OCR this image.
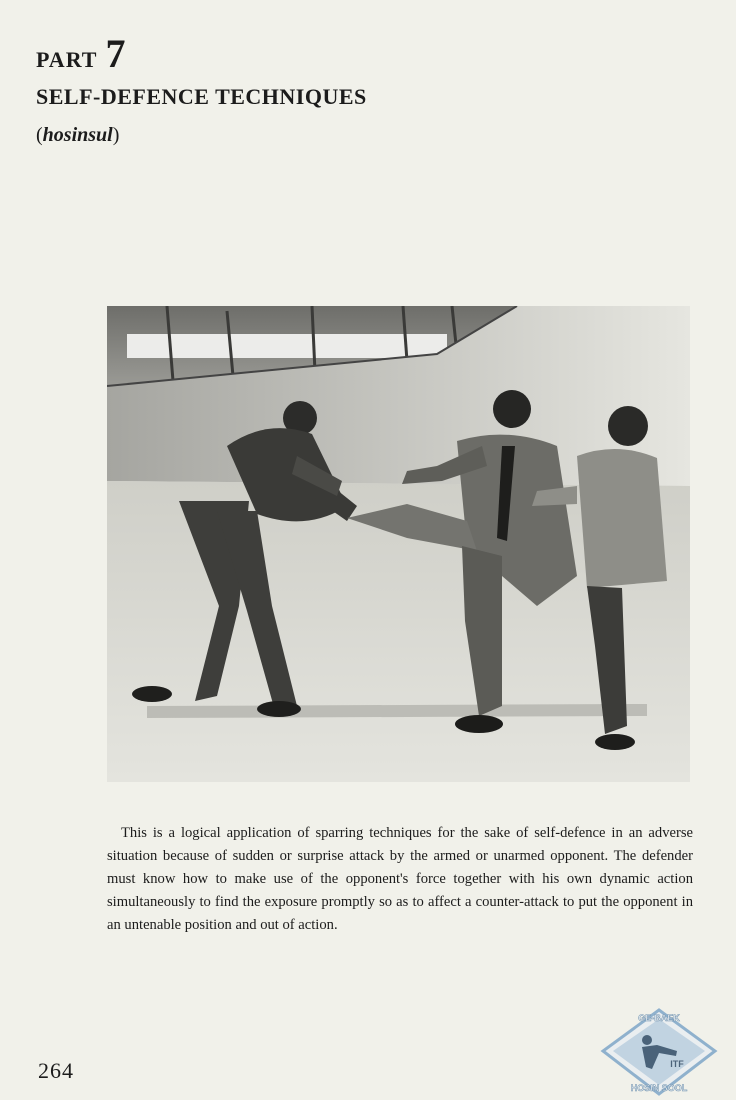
PART 7
SELF-DEFENCE TECHNIQUES

(hosinsul)

This is a logical application of sparring techniques for the sake of self-defence in an adverse situation because of sudden or surprise attack by the armed or unarmed opponent. The defender must know how to make use of the opponent's force together with his own dynamic action simultaneously to find the exposure promptly so as to affect a counter-attack to put the opponent in an untenable position and out of action.

264

GE-BAEK
ITF
HOSIN SOOL
